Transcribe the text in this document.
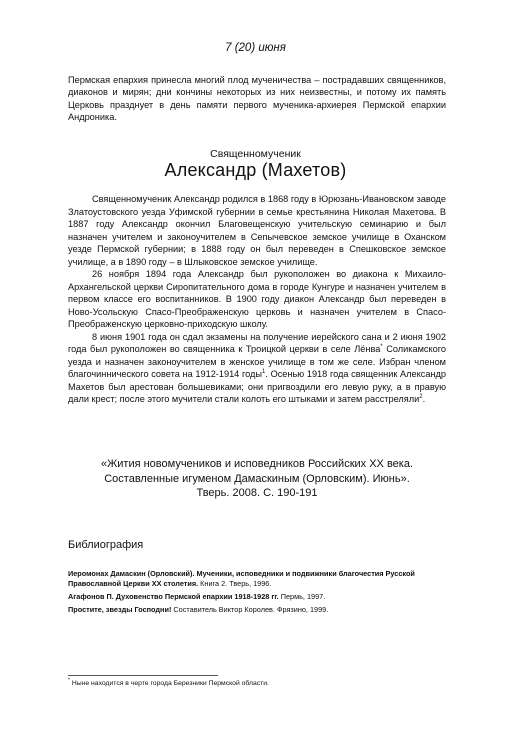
7 (20) июня
Пермская епархия принесла многий плод мученичества – пострадавших священников, диаконов и мирян; дни кончины некоторых из них неизвестны, и потому их память Церковь празднует в день памяти первого мученика-архиерея Пермской епархии Андроника.
Священномученик
Александр (Махетов)

Священномученик Александр родился в 1868 году в Юрюзань-Ивановском заводе Златоустовского уезда Уфимской губернии в семье крестьянина Николая Махетова. В 1887 году Александр окончил Благовещенскую учительскую семинарию и был назначен учителем и законоучителем в Сепычевское земское училище в Оханском уезде Пермской губернии; в 1888 году он был переведен в Спешковское земское училище, а в 1890 году – в Шлыковское земское училище.

26 ноября 1894 года Александр был рукоположен во диакона к Михаило-Архангельской церкви Сиропитательного дома в городе Кунгуре и назначен учителем в первом классе его воспитанников. В 1900 году диакон Александр был переведен в Ново-Усольскую Спасо-Преображенскую церковь и назначен учителем в Спасо-Преображенскую церковно-приходскую школу.

8 июня 1901 года он сдал экзамены на получение иерейского сана и 2 июня 1902 года был рукоположен во священника к Троицкой церкви в селе Лёнва* Соликамского уезда и назначен законоучителем в женское училище в том же селе. Избран членом благочиннического совета на 1912-1914 годы$^1$. Осенью 1918 года священник Александр Махетов был арестован большевиками; они пригвоздили его левую руку, а в правую дали крест; после этого мучители стали колоть его штыками и затем расстреляли$^2$.

«Жития новомучеников и исповедников Российских XX века.
Составленные игуменом Дамаскиным (Орловским). Июнь».
Тверь. 2008. С. 190-191
Библиография
Иеромонах Дамаскин (Орловский). Мученики, исповедники и подвижники благочестия Русской Православной Церкви XX столетия. Книга 2. Тверь, 1996.
Агафонов П. Духовенство Пермской епархии 1918-1928 гг. Пермь, 1997.
Простите, звезды Господни! Составитель Виктор Королев. Фрязино, 1999.
* Ныне находится в черте города Березники Пермской области.
